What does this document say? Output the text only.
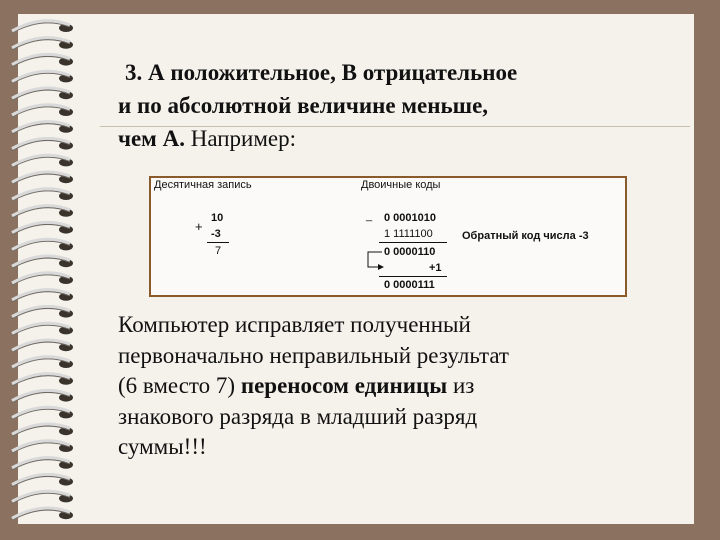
3. А положительное, В отрицательное
и по абсолютной величине меньше,
чем А. Например:
Десятичная запись	Двоичные коды
+
10
-3
7
_ 0 0001010
1 1111100	Обратный код числа -3
0 0000110
+1
0 0000111
Компьютер исправляет полученный
первоначально неправильный результат
(6 вместо 7) переносом единицы из
знакового разряда в младший разряд
суммы!!!
